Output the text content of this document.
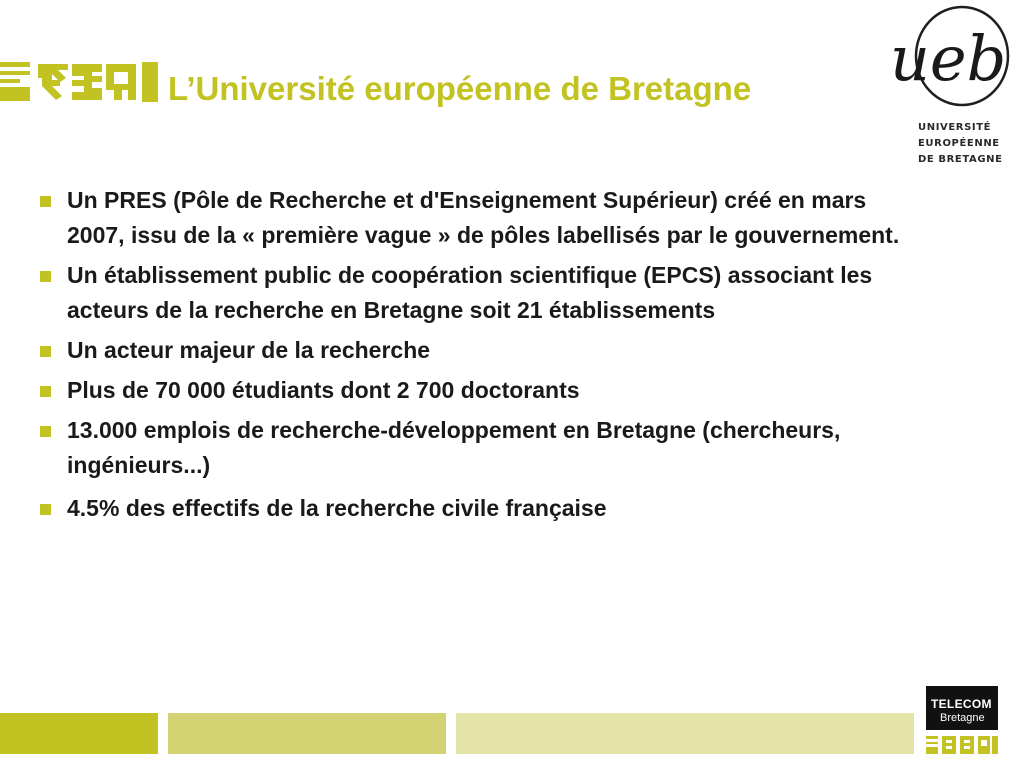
L’Université européenne de Bretagne ueb
UNIVERSITÉ
EUROPÉENNE
DE BRETAGNE
Un PRES (Pôle de Recherche et d'Enseignement Supérieur) créé en mars 2007, issu de la « première vague » de pôles labellisés par le gouvernement.
Un établissement public de coopération scientifique (EPCS) associant les acteurs de la recherche en Bretagne soit 21 établissements
Un acteur majeur de la recherche
Plus de 70 000 étudiants dont 2 700 doctorants
13.000 emplois de recherche-développement en Bretagne (chercheurs, ingénieurs...)
4.5% des effectifs de la recherche civile française
TELECOM
Bretagne
